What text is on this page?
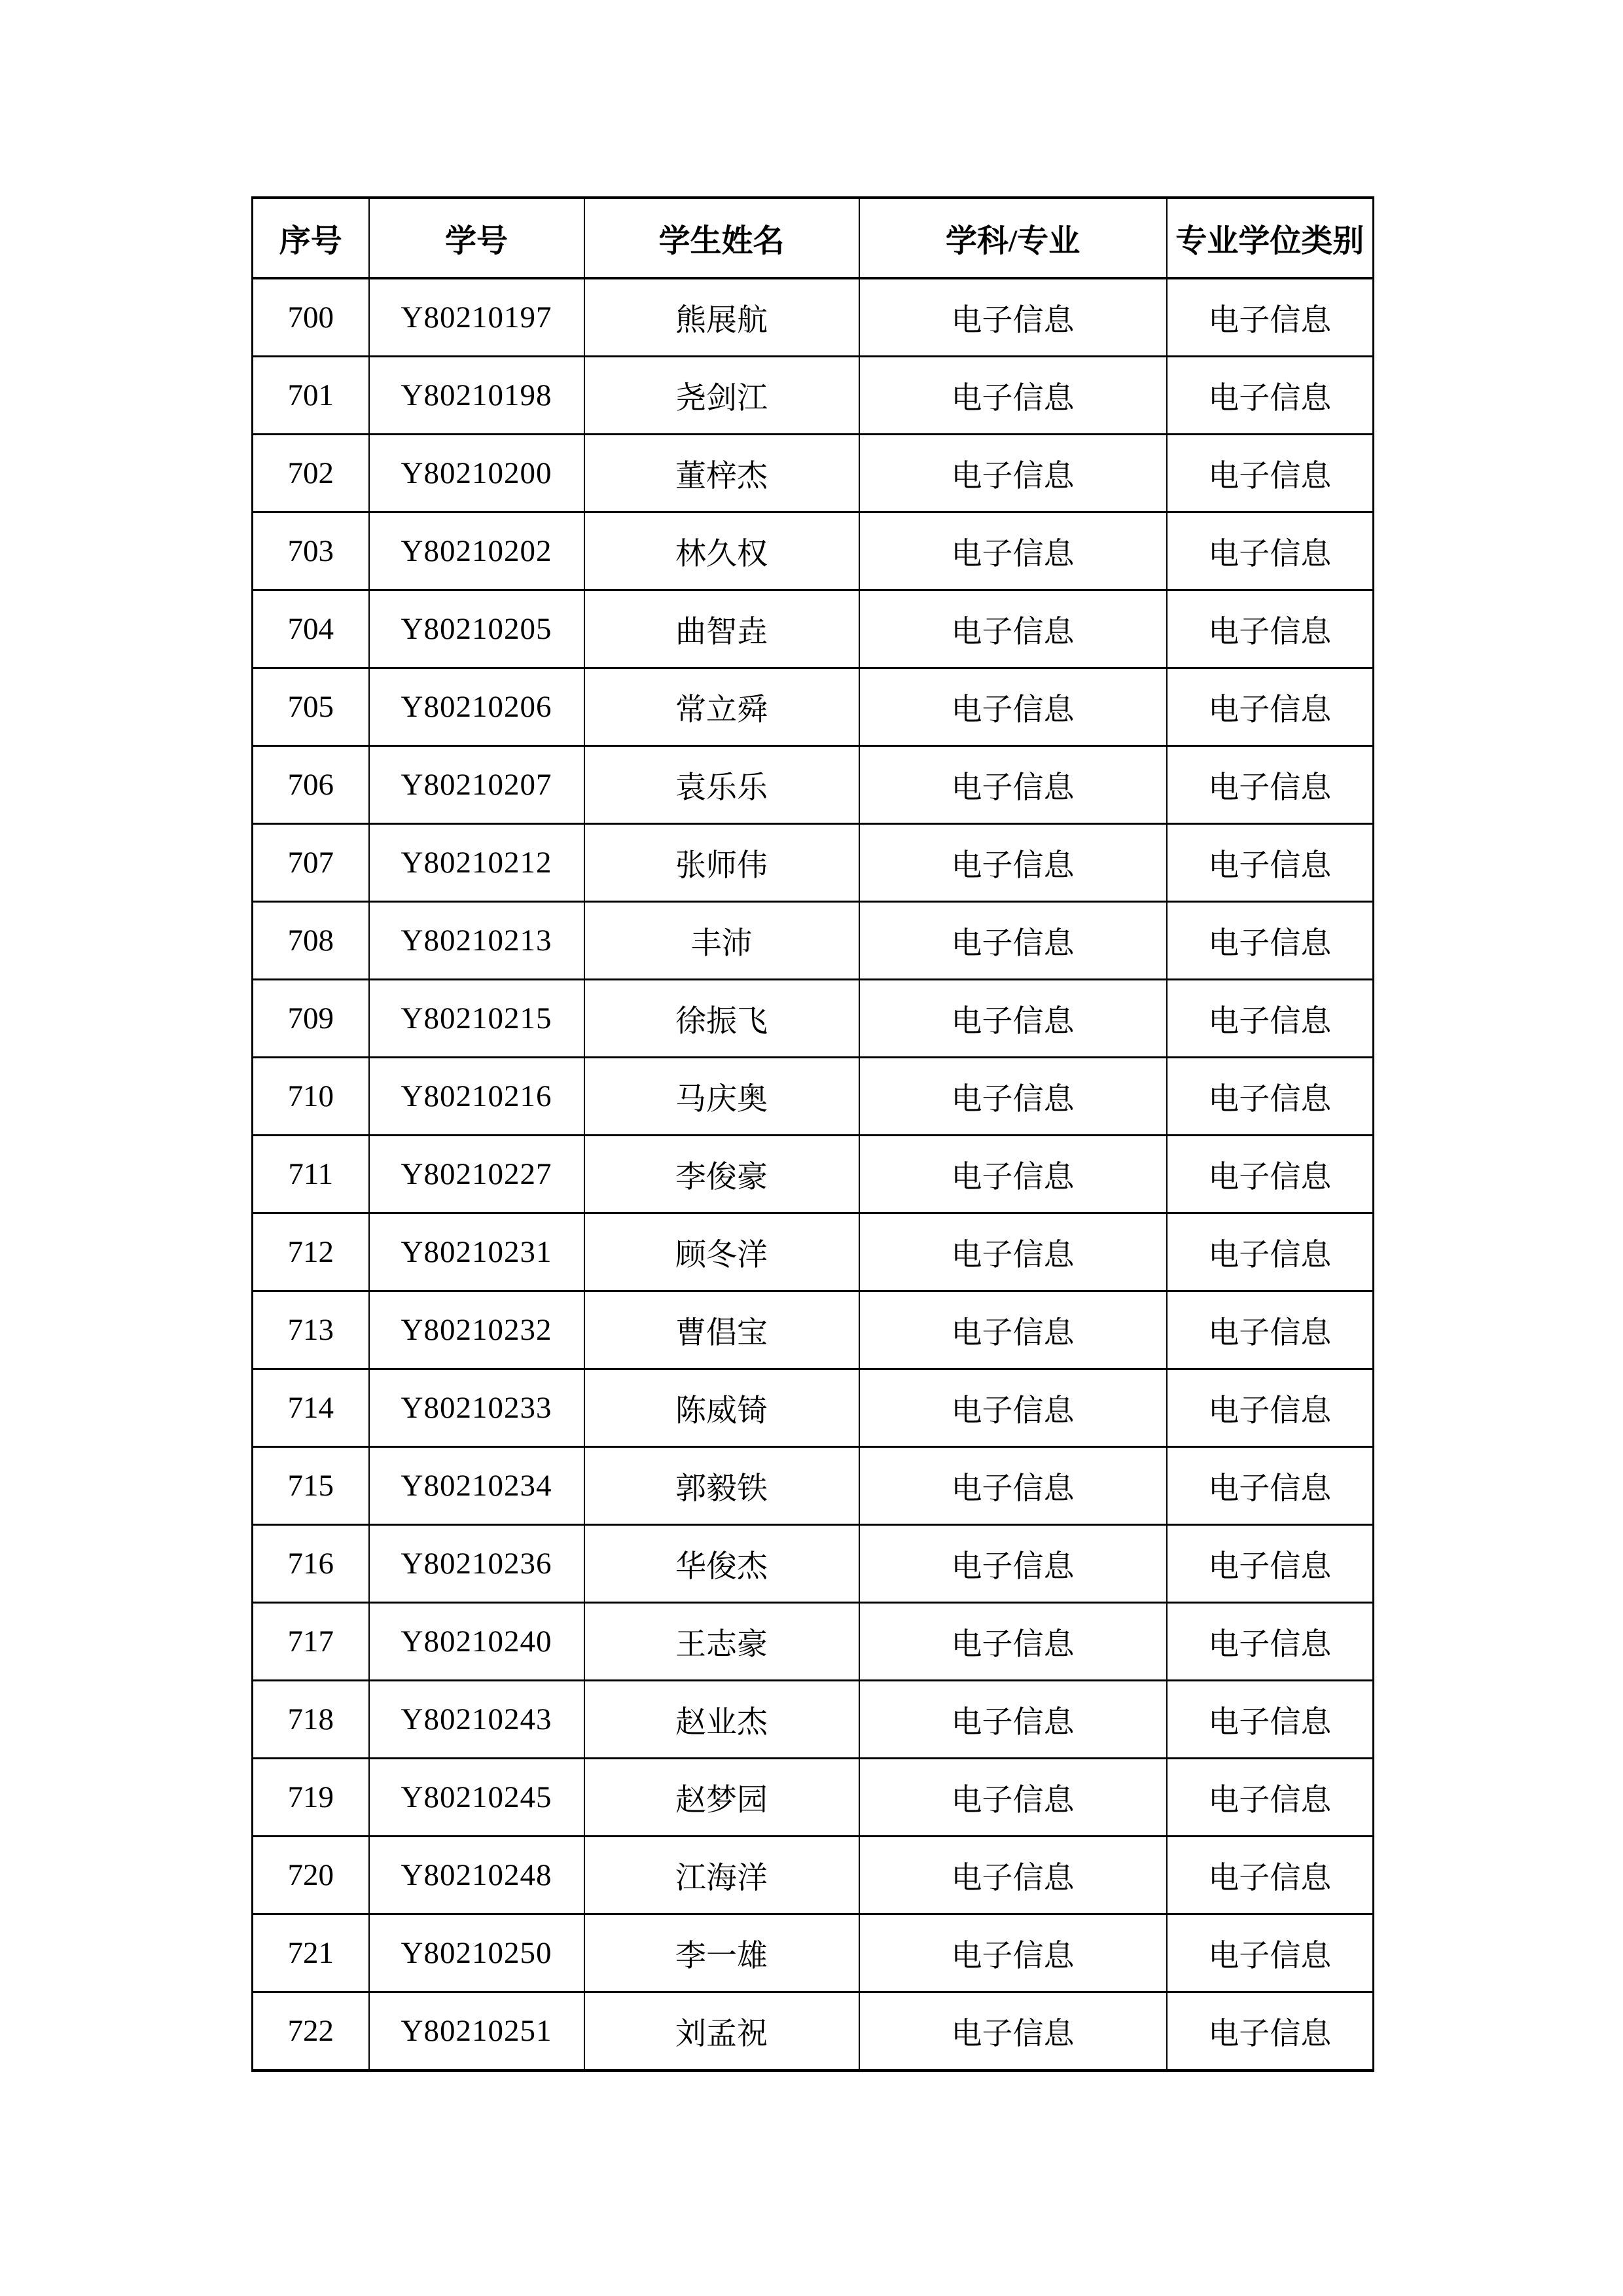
序号	学号	学生姓名	学科/专业	专业学位类别
700	Y80210197	熊展航	电子信息	电子信息
701	Y80210198	尧剑江	电子信息	电子信息
702	Y80210200	董梓杰	电子信息	电子信息
703	Y80210202	林久权	电子信息	电子信息
704	Y80210205	曲智垚	电子信息	电子信息
705	Y80210206	常立舜	电子信息	电子信息
706	Y80210207	袁乐乐	电子信息	电子信息
707	Y80210212	张师伟	电子信息	电子信息
708	Y80210213	丰沛	电子信息	电子信息
709	Y80210215	徐振飞	电子信息	电子信息
710	Y80210216	马庆奥	电子信息	电子信息
711	Y80210227	李俊豪	电子信息	电子信息
712	Y80210231	顾冬洋	电子信息	电子信息
713	Y80210232	曹倡宝	电子信息	电子信息
714	Y80210233	陈威锜	电子信息	电子信息
715	Y80210234	郭毅铁	电子信息	电子信息
716	Y80210236	华俊杰	电子信息	电子信息
717	Y80210240	王志豪	电子信息	电子信息
718	Y80210243	赵业杰	电子信息	电子信息
719	Y80210245	赵梦园	电子信息	电子信息
720	Y80210248	江海洋	电子信息	电子信息
721	Y80210250	李一雄	电子信息	电子信息
722	Y80210251	刘孟祝	电子信息	电子信息
